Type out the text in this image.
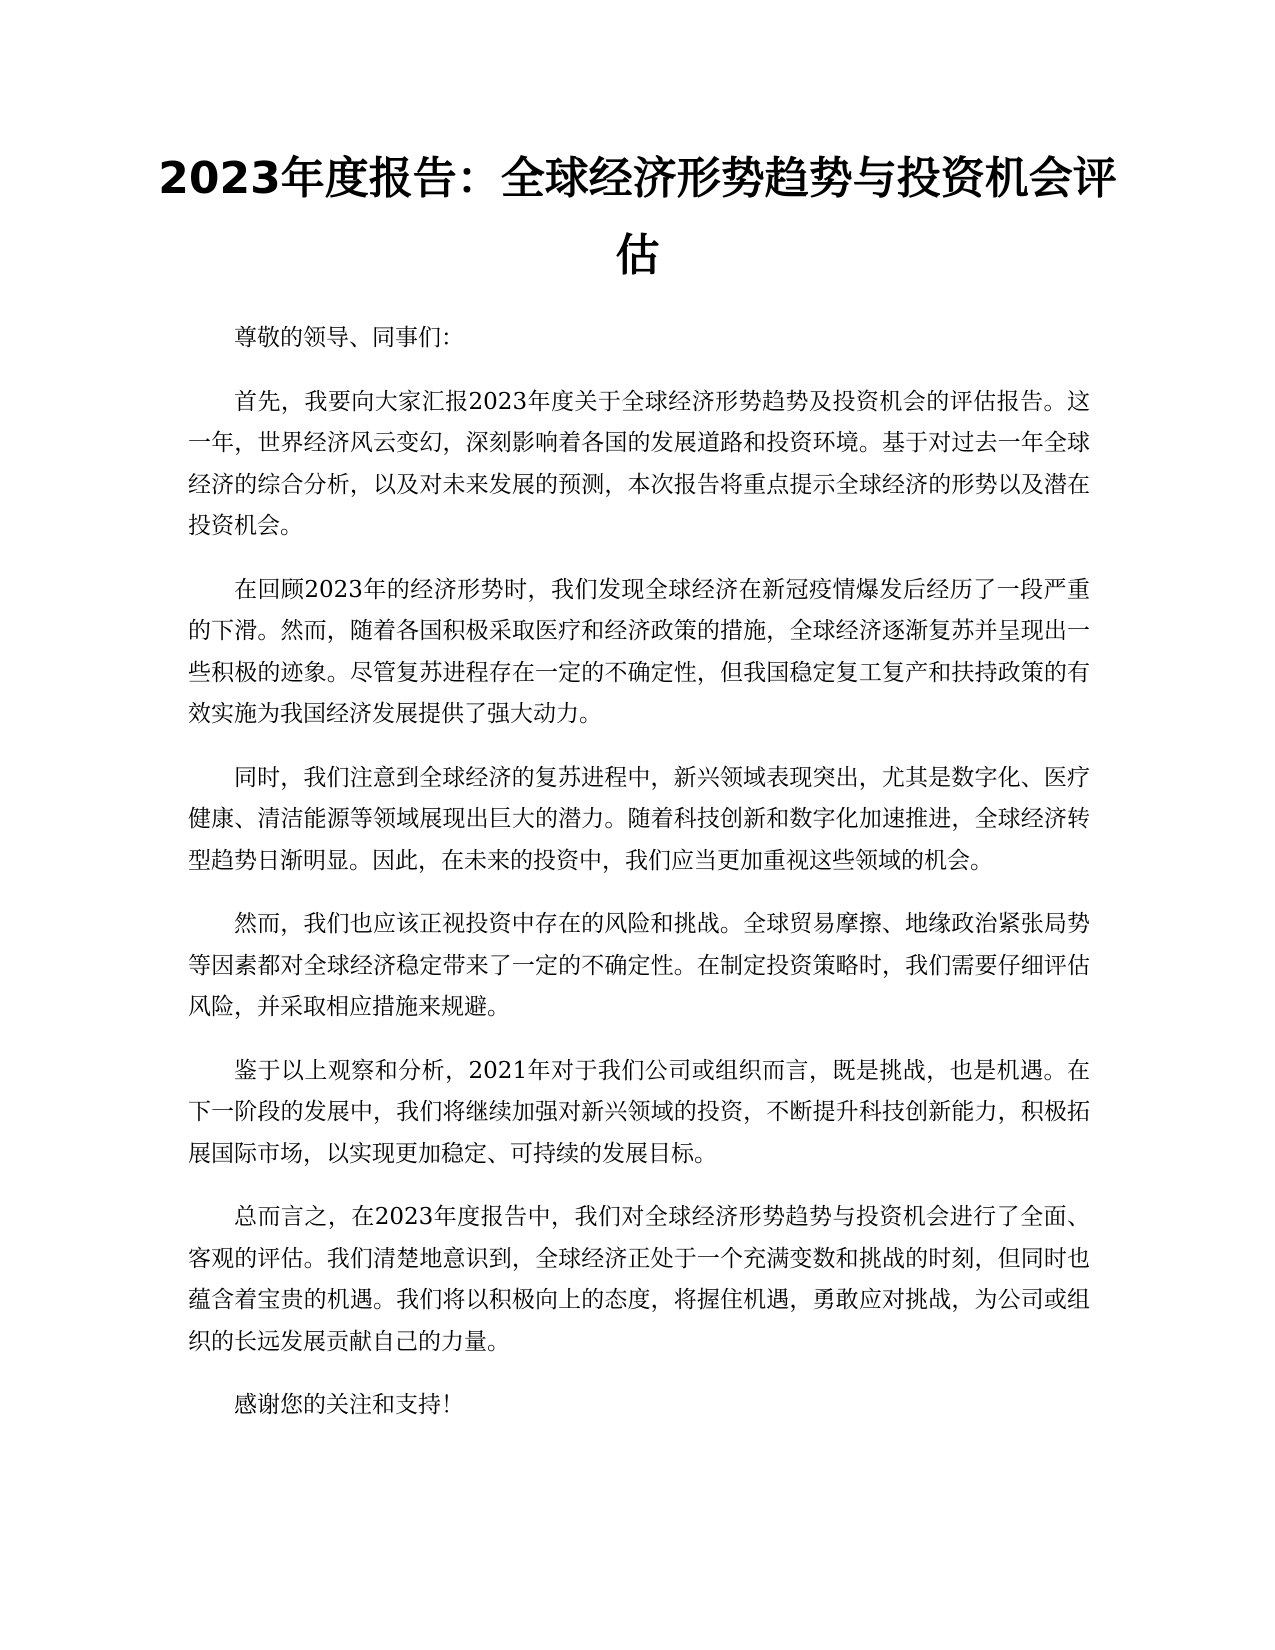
2023年度报告：全球经济形势趋势与投资机会评估

尊敬的领导、同事们：

首先，我要向大家汇报2023年度关于全球经济形势趋势及投资机会的评估报告。这一年，世界经济风云变幻，深刻影响着各国的发展道路和投资环境。基于对过去一年全球经济的综合分析，以及对未来发展的预测，本次报告将重点提示全球经济的形势以及潜在投资机会。

在回顾2023年的经济形势时，我们发现全球经济在新冠疫情爆发后经历了一段严重的下滑。然而，随着各国积极采取医疗和经济政策的措施，全球经济逐渐复苏并呈现出一些积极的迹象。尽管复苏进程存在一定的不确定性，但我国稳定复工复产和扶持政策的有效实施为我国经济发展提供了强大动力。

同时，我们注意到全球经济的复苏进程中，新兴领域表现突出，尤其是数字化、医疗健康、清洁能源等领域展现出巨大的潜力。随着科技创新和数字化加速推进，全球经济转型趋势日渐明显。因此，在未来的投资中，我们应当更加重视这些领域的机会。

然而，我们也应该正视投资中存在的风险和挑战。全球贸易摩擦、地缘政治紧张局势等因素都对全球经济稳定带来了一定的不确定性。在制定投资策略时，我们需要仔细评估风险，并采取相应措施来规避。

鉴于以上观察和分析，2021年对于我们公司或组织而言，既是挑战，也是机遇。在下一阶段的发展中，我们将继续加强对新兴领域的投资，不断提升科技创新能力，积极拓展国际市场，以实现更加稳定、可持续的发展目标。

总而言之，在2023年度报告中，我们对全球经济形势趋势与投资机会进行了全面、客观的评估。我们清楚地意识到，全球经济正处于一个充满变数和挑战的时刻，但同时也蕴含着宝贵的机遇。我们将以积极向上的态度，将握住机遇，勇敢应对挑战，为公司或组织的长远发展贡献自己的力量。

感谢您的关注和支持！
